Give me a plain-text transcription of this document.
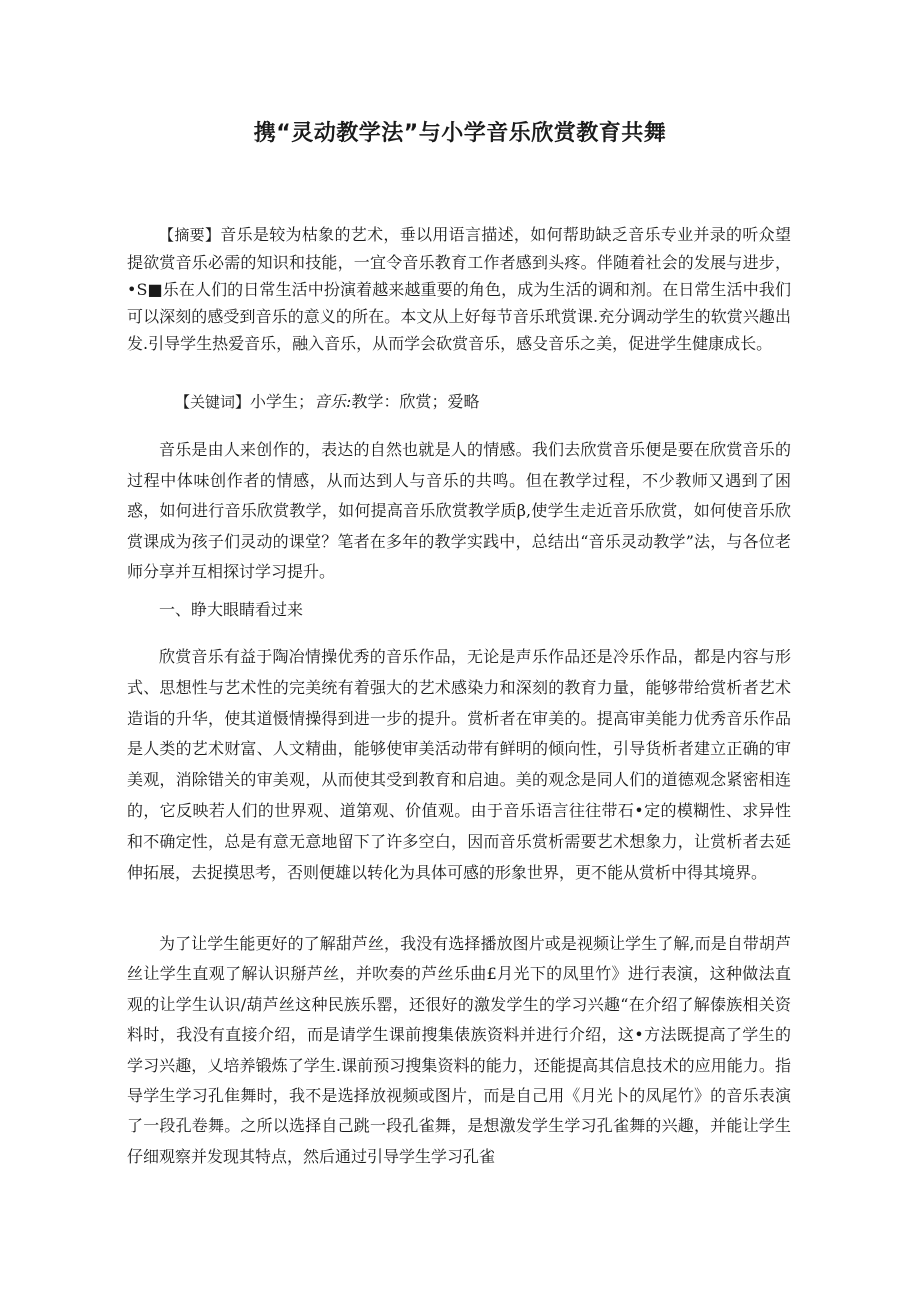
携“灵动教学法”与小学音乐欣赏教育共舞

【摘要】音乐是较为枯象的艺术，垂以用语言描述，如何帮助缺乏音乐专业并录的听众望提欲赏音乐必需的知识和技能，一宜令音乐教育工作者感到头疼。伴随着社会的发展与进步，•S■乐在人们的日常生活中扮演着越来越重要的角色，成为生活的调和剂。在日常生活中我们可以深刻的感受到音乐的意义的所在。本文从上好每节音乐玳赏课.充分调动学生的软赏兴趣出发.引导学生热爱音乐，融入音乐，从而学会砍赏音乐，感殳音乐之美，促进学生健康成长。

【关键词】小学生；音乐:教学：欣赏；爱略

音乐是由人来创作的，表达的自然也就是人的情感。我们去欣赏音乐便是要在欣赏音乐的过程中体味创作者的情感，从而达到人与音乐的共鸣。但在教学过程，不少教师又遇到了困惑，如何进行音乐欣赏教学，如何提高音乐欣赏教学质β,使学生走近音乐欣赏，如何使音乐欣赏课成为孩子们灵动的课堂？笔者在多年的教学实践中，总结出“音乐灵动教学”法，与各位老师分享并互相探讨学习提升。

一、睁大眼睛看过来

欣赏音乐有益于陶冶情操优秀的音乐作品，无论是声乐作品还是冷乐作品，都是内容与形式、思想性与艺术性的完美统有着强大的艺术感染力和深刻的教育力量，能够带给赏析者艺术造诣的升华，使其道慑情操得到进一步的提升。赏析者在审美的。提高审美能力优秀音乐作品是人类的艺术财富、人文精曲，能够使审美活动带有鲜明的倾向性，引导货析者建立正确的审美观，消除错关的审美观，从而使其受到教育和启迪。美的观念是同人们的道德观念紧密相连的，它反映若人们的世界观、道第观、价值观。由于音乐语言往往带石•定的模糊性、求异性和不确定性，总是有意无意地留下了许多空白，因而音乐赏析需要艺术想象力，让赏析者去延伸拓展，去捉摸思考，否则便雄以转化为具体可感的形象世界，更不能从赏析中得其境界。

为了让学生能更好的了解甜芦丝，我没有选择播放图片或是视频让学生了解,而是自带胡芦丝让学生直观了解认识掰芦丝，并吹奏的芦丝乐曲£月光下的凤里竹》进行表演，这种做法直观的让学生认识/葫芦丝这种民族乐罂，还很好的激发学生的学习兴趣“在介绍了解傣族相关资料时，我没有直接介绍，而是请学生课前搜集俵族资料并进行介绍，这•方法既提高了学生的学习兴趣，乂培养锻炼了学生.课前预习搜集资料的能力，还能提高其信息技术的应用能力。指导学生学习孔隹舞时，我不是选择放视频或图片，而是自己用《月光卜的凤尾竹》的音乐表演了一段孔卷舞。之所以选择自己跳一段孔雀舞，是想激发学生学习孔雀舞的兴趣，并能让学生仔细观察并发现其特点，然后通过引导学生学习孔雀
